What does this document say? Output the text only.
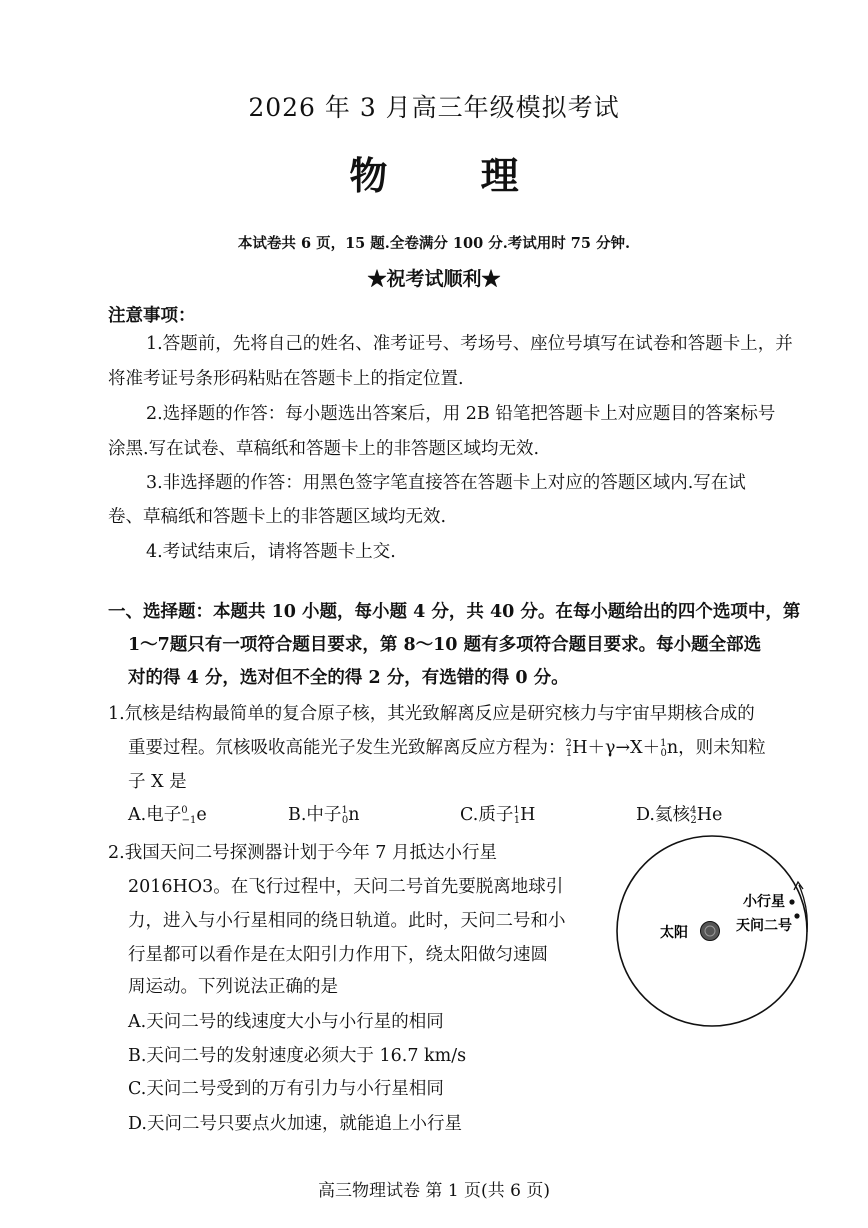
2026 年 3 月高三年级模拟考试
物 理
本试卷共 6 页，15 题.全卷满分 100 分.考试用时 75 分钟.
★祝考试顺利★
注意事项：
1.答题前，先将自己的姓名、准考证号、考场号、座位号填写在试卷和答题卡上，并
将准考证号条形码粘贴在答题卡上的指定位置.
2.选择题的作答：每小题选出答案后，用 2B 铅笔把答题卡上对应题目的答案标号
涂黑.写在试卷、草稿纸和答题卡上的非答题区域均无效.
3.非选择题的作答：用黑色签字笔直接答在答题卡上对应的答题区域内.写在试
卷、草稿纸和答题卡上的非答题区域均无效.
4.考试结束后，请将答题卡上交.
一、选择题：本题共 10 小题，每小题 4 分，共 40 分。在每小题给出的四个选项中，第
1～7题只有一项符合题目要求，第 8～10 题有多项符合题目要求。每小题全部选
对的得 4 分，选对但不全的得 2 分，有选错的得 0 分。
1.氘核是结构最简单的复合原子核，其光致解离反应是研究核力与宇宙早期核合成的
重要过程。氘核吸收高能光子发生光致解离反应方程为：$^2$1H＋γ→X＋$^1$0n，则未知粒
子 X 是
A.电子$^0$−1e	B.中子$^1$0n	C.质子$^1$1H	D.氦核$^4$2He
2.我国天问二号探测器计划于今年 7 月抵达小行星
2016HO3。在飞行过程中，天问二号首先要脱离地球引
力，进入与小行星相同的绕日轨道。此时，天问二号和小
行星都可以看作是在太阳引力作用下，绕太阳做匀速圆
周运动。下列说法正确的是
A.天问二号的线速度大小与小行星的相同
B.天问二号的发射速度必须大于 16.7 km/s
C.天问二号受到的万有引力与小行星相同
D.天问二号只要点火加速，就能追上小行星
太阳
小行星
天问二号
高三物理试卷 第 1 页(共 6 页)
